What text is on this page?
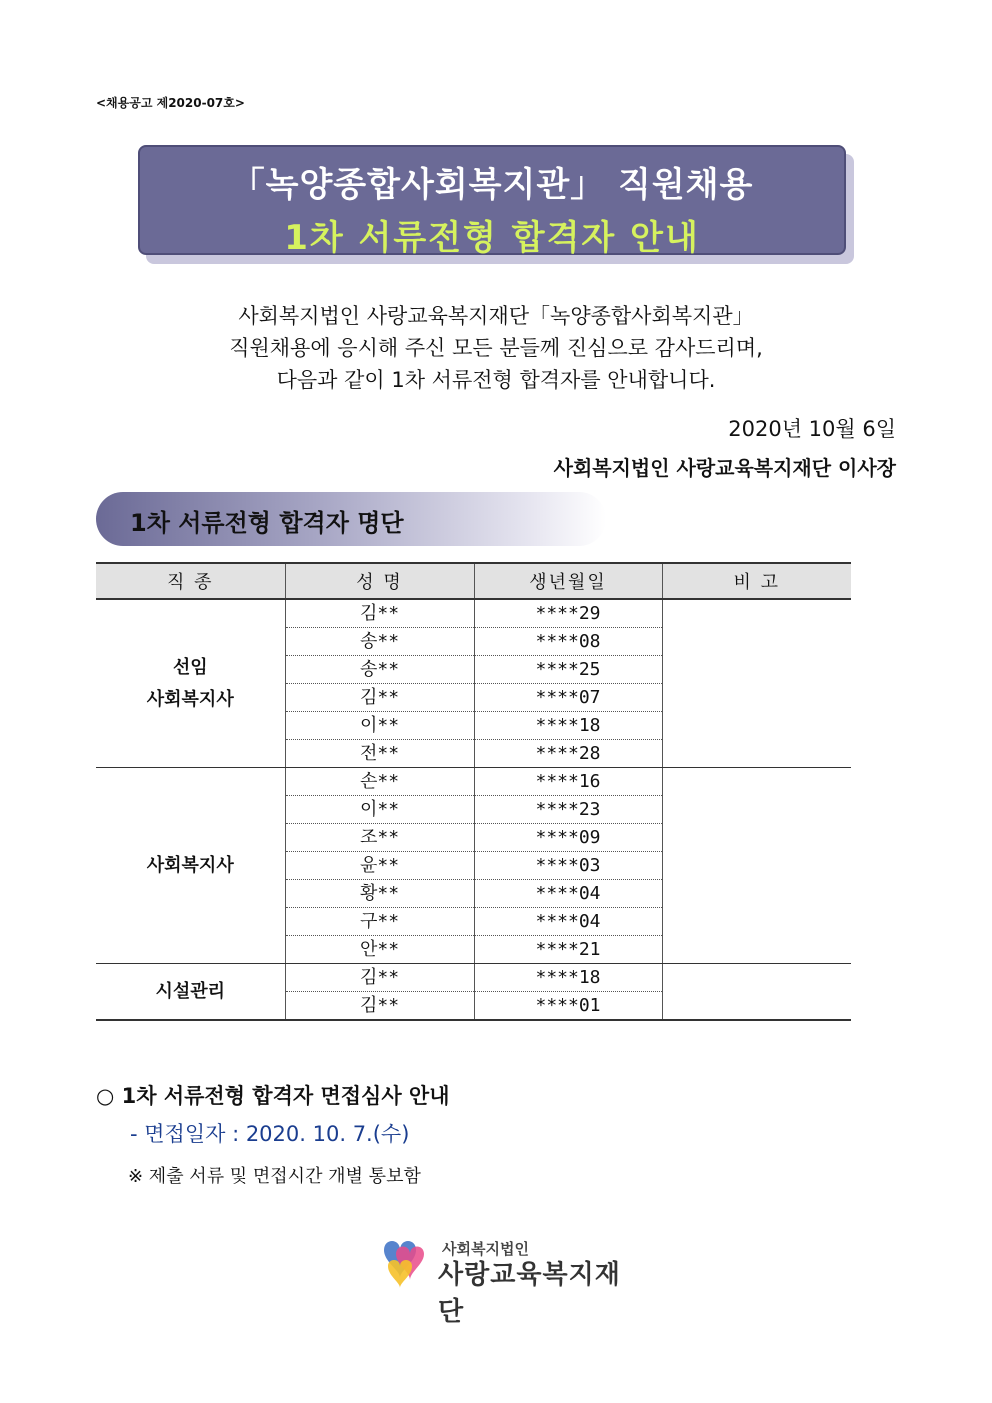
<채용공고 제2020-07호>
「녹양종합사회복지관」 직원채용
1차 서류전형 합격자 안내
사회복지법인 사랑교육복지재단「녹양종합사회복지관」
직원채용에 응시해 주신 모든 분들께 진심으로 감사드리며,
다음과 같이 1차 서류전형 합격자를 안내합니다.
2020년 10월 6일
사회복지법인 사랑교육복지재단 이사장
1차 서류전형 합격자 명단
직 종	성 명	생년월일	비 고

선임
사회복지사	김**	****29	
	송**	****08	
	송**	****25	
	김**	****07	
	이**	****18	
	전**	****28	

사회복지사	손**	****16	
	이**	****23	
	조**	****09	
	윤**	****03	
	황**	****04	
	구**	****04	
	안**	****21	

시설관리	김**	****18	
	김**	****01	
○ 1차 서류전형 합격자 면접심사 안내
- 면접일자 : 2020. 10. 7.(수)
※ 제출 서류 및 면접시간 개별 통보함
사회복지법인
사랑교육복지재단
